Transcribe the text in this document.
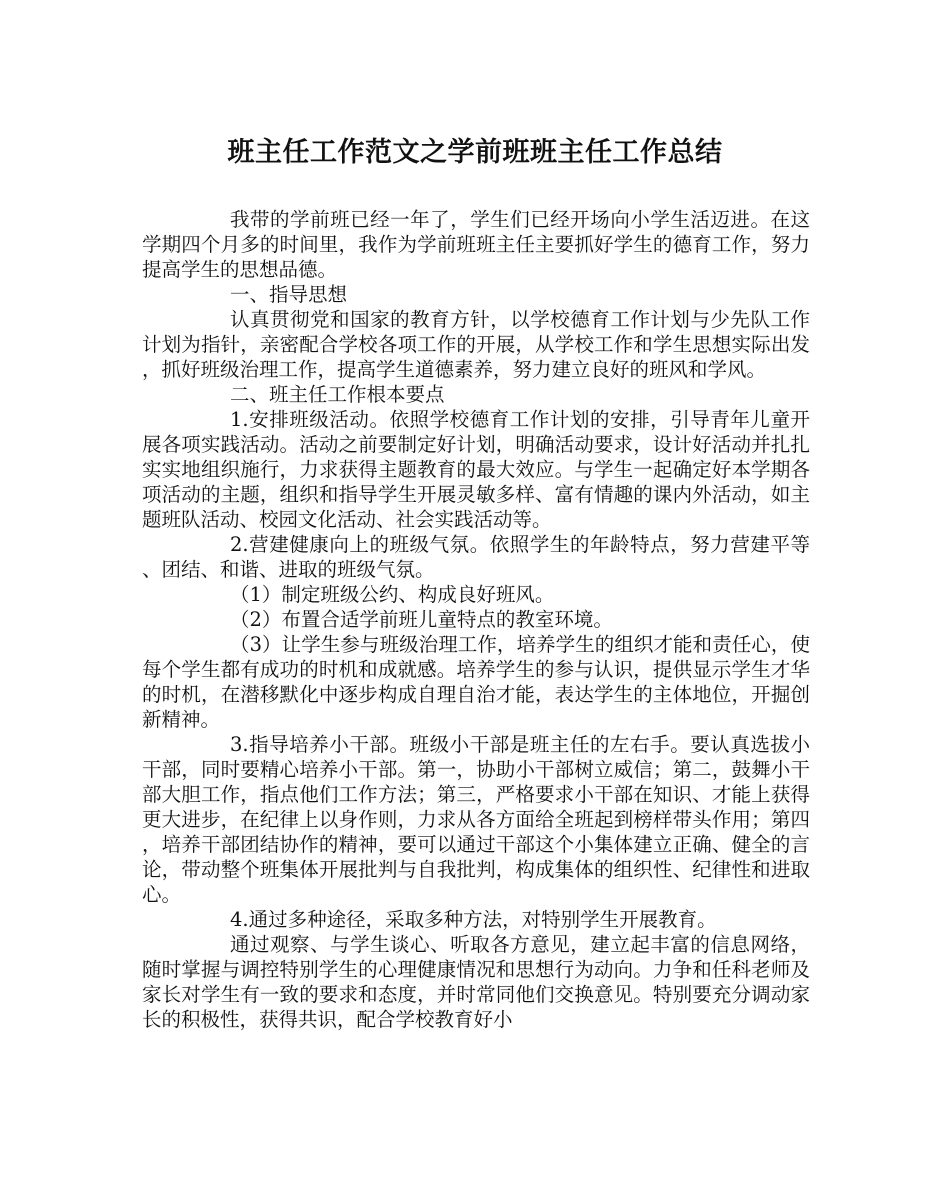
班主任工作范文之学前班班主任工作总结

我带的学前班已经一年了，学生们已经开场向小学生活迈进。在这学期四个月多的时间里，我作为学前班班主任主要抓好学生的德育工作，努力提高学生的思想品德。

一、指导思想

认真贯彻党和国家的教育方针，以学校德育工作计划与少先队工作计划为指针，亲密配合学校各项工作的开展，从学校工作和学生思想实际出发，抓好班级治理工作，提高学生道德素养，努力建立良好的班风和学风。

二、班主任工作根本要点

1.安排班级活动。依照学校德育工作计划的安排，引导青年儿童开展各项实践活动。活动之前要制定好计划，明确活动要求，设计好活动并扎扎实实地组织施行，力求获得主题教育的最大效应。与学生一起确定好本学期各项活动的主题，组织和指导学生开展灵敏多样、富有情趣的课内外活动，如主题班队活动、校园文化活动、社会实践活动等。

2.营建健康向上的班级气氛。依照学生的年龄特点，努力营建平等、团结、和谐、进取的班级气氛。

（1）制定班级公约、构成良好班风。

（2）布置合适学前班儿童特点的教室环境。

（3）让学生参与班级治理工作，培养学生的组织才能和责任心，使每个学生都有成功的时机和成就感。培养学生的参与认识，提供显示学生才华的时机，在潜移默化中逐步构成自理自治才能，表达学生的主体地位，开掘创新精神。

3.指导培养小干部。班级小干部是班主任的左右手。要认真选拔小干部，同时要精心培养小干部。第一，协助小干部树立威信；第二，鼓舞小干部大胆工作，指点他们工作方法；第三，严格要求小干部在知识、才能上获得更大进步，在纪律上以身作则，力求从各方面给全班起到榜样带头作用；第四，培养干部团结协作的精神，要可以通过干部这个小集体建立正确、健全的言论，带动整个班集体开展批判与自我批判，构成集体的组织性、纪律性和进取心。

4.通过多种途径，采取多种方法，对特别学生开展教育。

通过观察、与学生谈心、听取各方意见，建立起丰富的信息网络，随时掌握与调控特别学生的心理健康情况和思想行为动向。力争和任科老师及家长对学生有一致的要求和态度，并时常同他们交换意见。特别要充分调动家长的积极性，获得共识，配合学校教育好小
